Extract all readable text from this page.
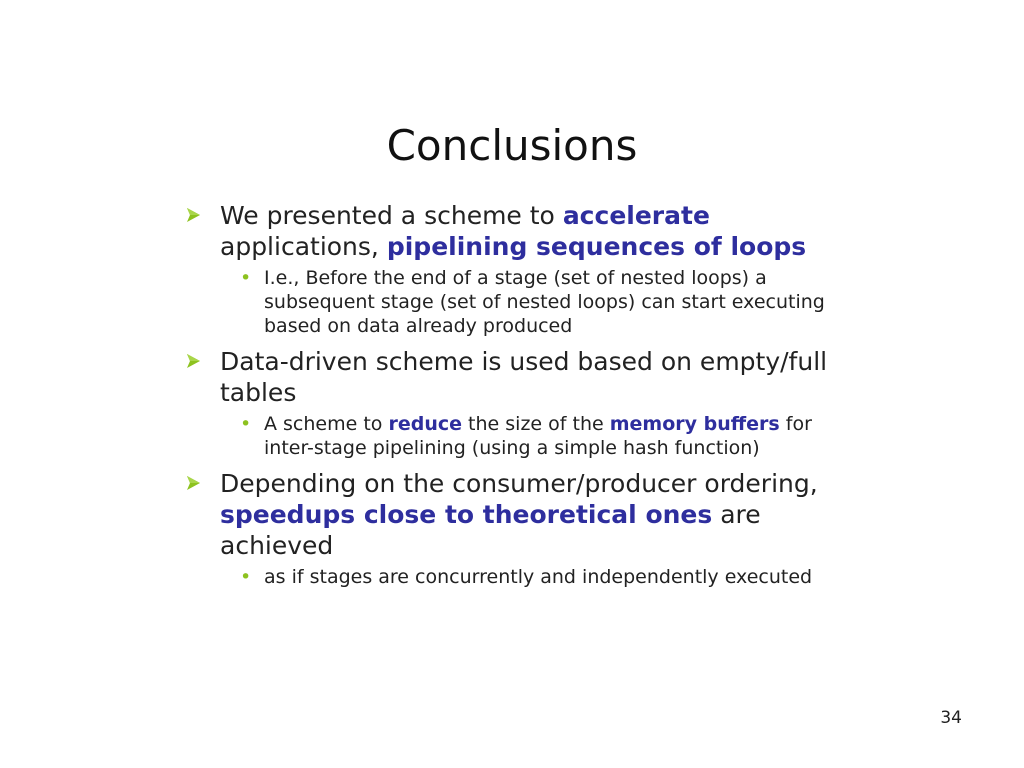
Conclusions
We presented a scheme to accelerate applications, pipelining sequences of loops
• I.e., Before the end of a stage (set of nested loops) a subsequent stage (set of nested loops) can start executing based on data already produced
Data-driven scheme is used based on empty/full tables
• A scheme to reduce the size of the memory buffers for inter-stage pipelining (using a simple hash function)
Depending on the consumer/producer ordering, speedups close to theoretical ones are achieved
• as if stages are concurrently and independently executed
34
